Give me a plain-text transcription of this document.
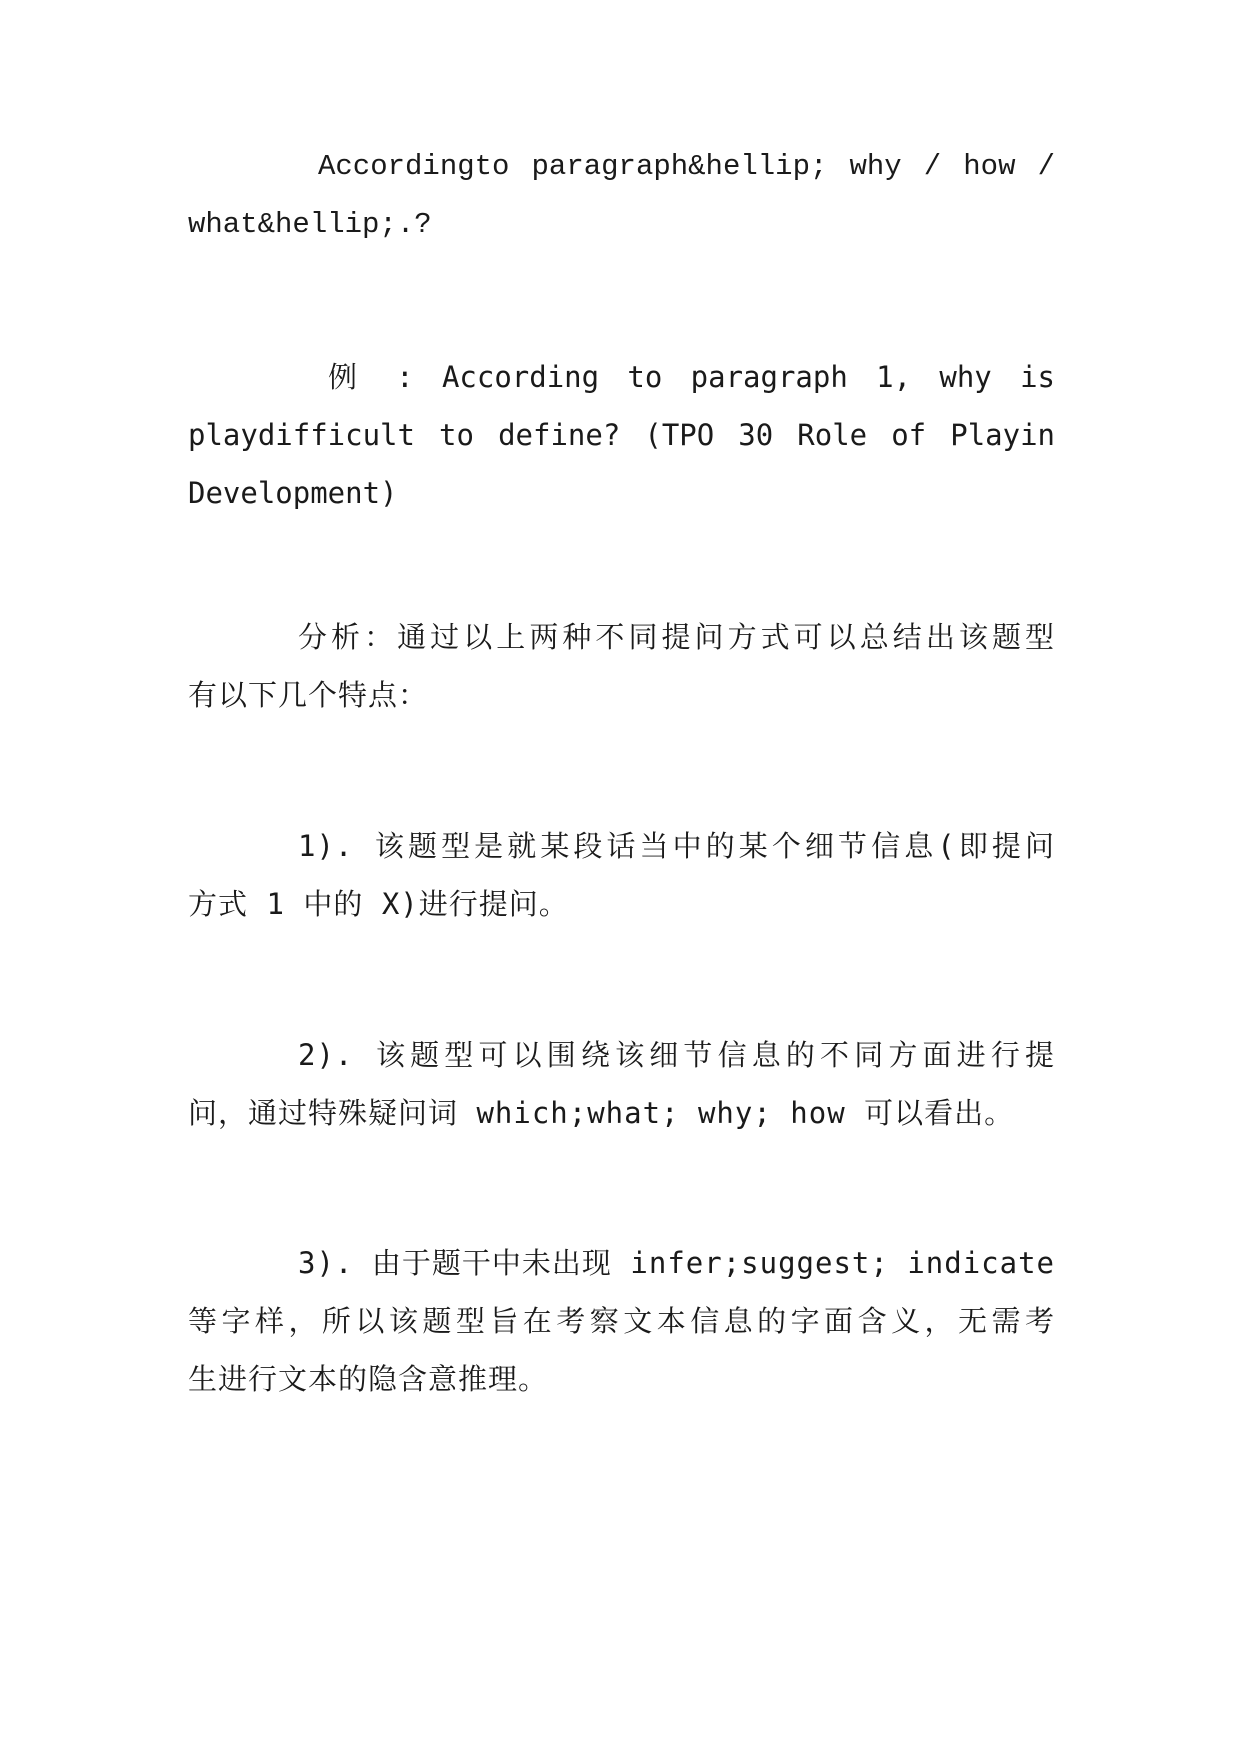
Accordingto paragraph&hellip; why / how /
what&hellip;.?
例 : According to paragraph 1, why is
playdifficult to define? (TPO 30 Role of Playin
Development)
分析：通过以上两种不同提问方式可以总结出该题型
有以下几个特点：
1). 该题型是就某段话当中的某个细节信息(即提问
方式 1 中的 X)进行提问。
2). 该题型可以围绕该细节信息的不同方面进行提
问，通过特殊疑问词 which;what; why; how 可以看出。
3). 由于题干中未出现 infer;suggest; indicate
等字样，所以该题型旨在考察文本信息的字面含义，无需考
生进行文本的隐含意推理。
